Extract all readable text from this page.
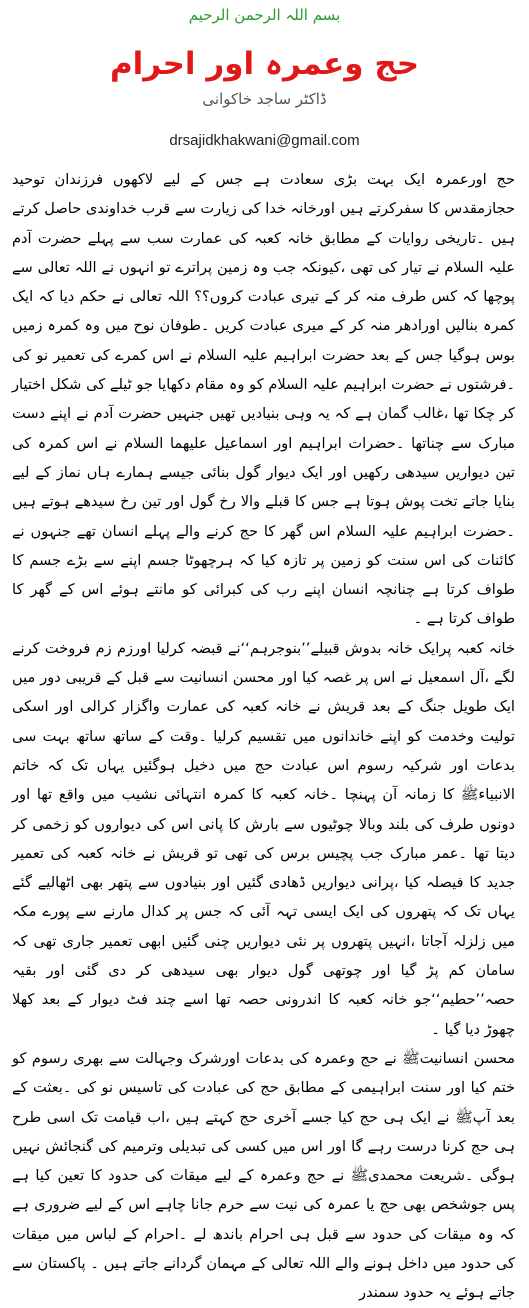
بسم اللہ الرحمن الرحیم
حج وعمرہ اور احرام
ڈاکٹر ساجد خاکوانی
drsajidkhakwani@gmail.com

حج اورعمرہ ایک بہت بڑی سعادت ہے جس کے لیے لاکھوں فرزندان توحید حجازمقدس کا سفرکرتے ہیں اورخانہ خدا کی زیارت سے قرب خداوندی حاصل کرتے ہیں ۔تاریخی روایات کے مطابق خانہ کعبہ کی عمارت سب سے پہلے حضرت آدم علیہ السلام نے تیار کی تھی ،کیونکہ جب وہ زمین پراترے تو انہوں نے اللہ تعالی سے پوچھا کہ کس طرف منہ کر کے تیری عبادت کروں؟؟ اللہ تعالی نے حکم دیا کہ ایک کمرہ بنالیں اورادھر منہ کر کے میری عبادت کریں ۔طوفان نوح میں وہ کمرہ زمیں بوس ہوگیا جس کے بعد حضرت ابراہیم علیہ السلام نے اس کمرے کی تعمیر نو کی ۔فرشتوں نے حضرت ابراہیم علیہ السلام کو وہ مقام دکھایا جو ٹیلے کی شکل اختیار کر چکا تھا ،غالب گمان ہے کہ یہ وہی بنیادیں تھیں جنہیں حضرت آدم نے اپنے دست مبارک سے چناتھا ۔حضرات ابراہیم اور اسماعیل علیھما السلام نے اس کمرہ کی تین دیواریں سیدھی رکھیں اور ایک دیوار گول بنائی جیسے ہمارے ہاں نماز کے لیے بنایا جاتے تخت پوش ہوتا ہے جس کا قبلے والا رخ گول اور تین رخ سیدھے ہوتے ہیں ۔حضرت ابراہیم علیہ السلام اس گھر کا حج کرنے والے پہلے انسان تھے جنہوں نے کائنات کی اس سنت کو زمین پر تازہ کیا کہ ہرچھوٹا جسم اپنے سے بڑے جسم کا طواف کرتا ہے چنانچہ انسان اپنے رب کی کبرائی کو مانتے ہوئے اس کے گھر کا طواف کرتا ہے ۔

خانہ کعبہ پرایک خانہ بدوش قبیلے’’بنوجرہم‘‘نے قبضہ کرلیا اورزم زم فروخت کرنے لگے ،آل اسمعیل نے اس پر غصہ کیا اور محسن انسانیت سے قبل کے قریبی دور میں ایک طویل جنگ کے بعد قریش نے خانہ کعبہ کی عمارت واگزار کرالی اور اسکی تولیت وخدمت کو اپنے خاندانوں میں تقسیم کرلیا ۔وقت کے ساتھ ساتھ بہت سی بدعات اور شرکیہ رسوم اس عبادت حج میں دخیل ہوگئیں یہاں تک کہ خاتم الانبیاءﷺ کا زمانہ آن پہنچا ۔خانہ کعبہ کا کمرہ انتہائی نشیب میں واقع تھا اور دونوں طرف کی بلند وبالا چوٹیوں سے بارش کا پانی اس کی دیواروں کو زخمی کر دیتا تھا ۔عمر مبارک جب پچیس برس کی تھی تو قریش نے خانہ کعبہ کی تعمیر جدید کا فیصلہ کیا ،پرانی دیواریں ڈھادی گئیں اور بنیادوں سے پتھر بھی اٹھالیے گئے یہاں تک کہ پتھروں کی ایک ایسی تہہ آئی کہ جس پر کدال مارنے سے پورے مکہ میں زلزلہ آجاتا ،انہیں پتھروں پر نئی دیواریں چنی گئیں ابھی تعمیر جاری تھی کہ سامان کم پڑ گیا اور چوتھی گول دیوار بھی سیدھی کر دی گئی اور بقیہ حصہ’’حطیم‘‘جو خانہ کعبہ کا اندرونی حصہ تھا اسے چند فٹ دیوار کے بعد کھلا چھوڑ دیا گیا ۔

محسن انسانیتﷺ نے حج وعمرہ کی بدعات اورشرک وجہالت سے بھری رسوم کو ختم کیا اور سنت ابراہیمی کے مطابق حج کی عبادت کی تاسیس نو کی ۔بعثت کے بعد آپﷺ نے ایک ہی حج کیا جسے آخری حج کہتے ہیں ،اب قیامت تک اسی طرح ہی حج کرنا درست رہے گا اور اس میں کسی کی تبدیلی وترمیم کی گنجائش نہیں ہوگی ۔شریعت محمدیﷺ نے حج وعمرہ کے لیے میقات کی حدود کا تعین کیا ہے پس جوشخص بھی حج یا عمرہ کی نیت سے حرم جانا چاہے اس کے لیے ضروری ہے کہ وہ میقات کی حدود سے قبل ہی احرام باندھ لے ۔احرام کے لباس میں میقات کی حدود میں داخل ہونے والے اللہ تعالی کے مہمان گردانے جاتے ہیں ۔ پاکستان سے جاتے ہوئے یہ حدود سمندر
